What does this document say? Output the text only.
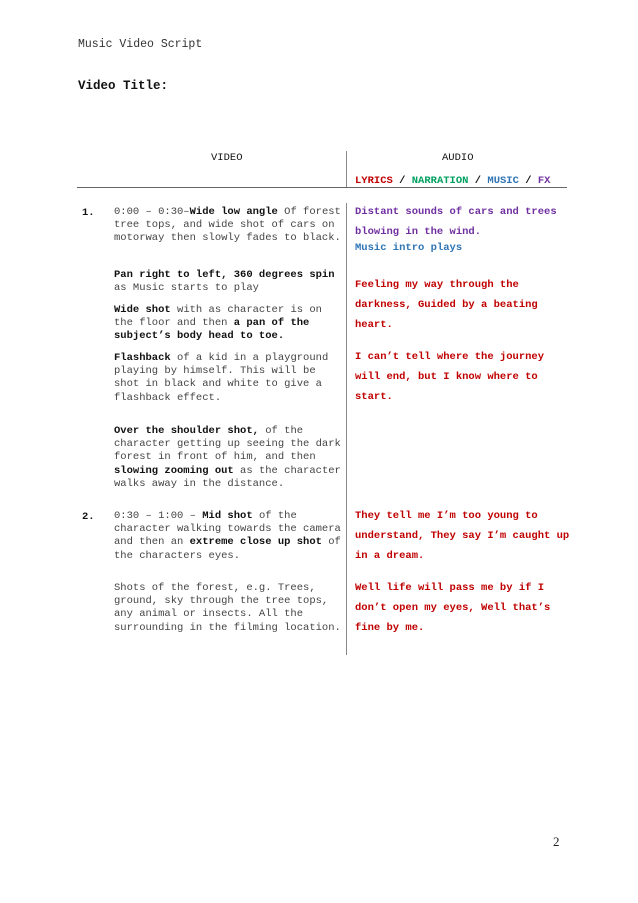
Music Video Script
Video Title:
VIDEO	AUDIO
LYRICS / NARRATION / MUSIC / FX
1. 0:00 – 0:30–Wide low angle Of forest tree tops, and wide shot of cars on motorway then slowly fades to black.
Pan right to left, 360 degrees spin as Music starts to play
Wide shot with as character is on the floor and then a pan of the subject’s body head to toe.
Flashback of a kid in a playground playing by himself. This will be shot in black and white to give a flashback effect.
Over the shoulder shot, of the character getting up seeing the dark forest in front of him, and then slowing zooming out as the character walks away in the distance.
Distant sounds of cars and trees blowing in the wind.
Music intro plays
Feeling my way through the darkness, Guided by a beating heart.
I can’t tell where the journey will end, but I know where to start.
2. 0:30 – 1:00 – Mid shot of the character walking towards the camera and then an extreme close up shot of the characters eyes.
Shots of the forest, e.g. Trees, ground, sky through the tree tops, any animal or insects. All the surrounding in the filming location.
They tell me I’m too young to understand, They say I’m caught up in a dream.
Well life will pass me by if I don’t open my eyes, Well that’s fine by me.
2
